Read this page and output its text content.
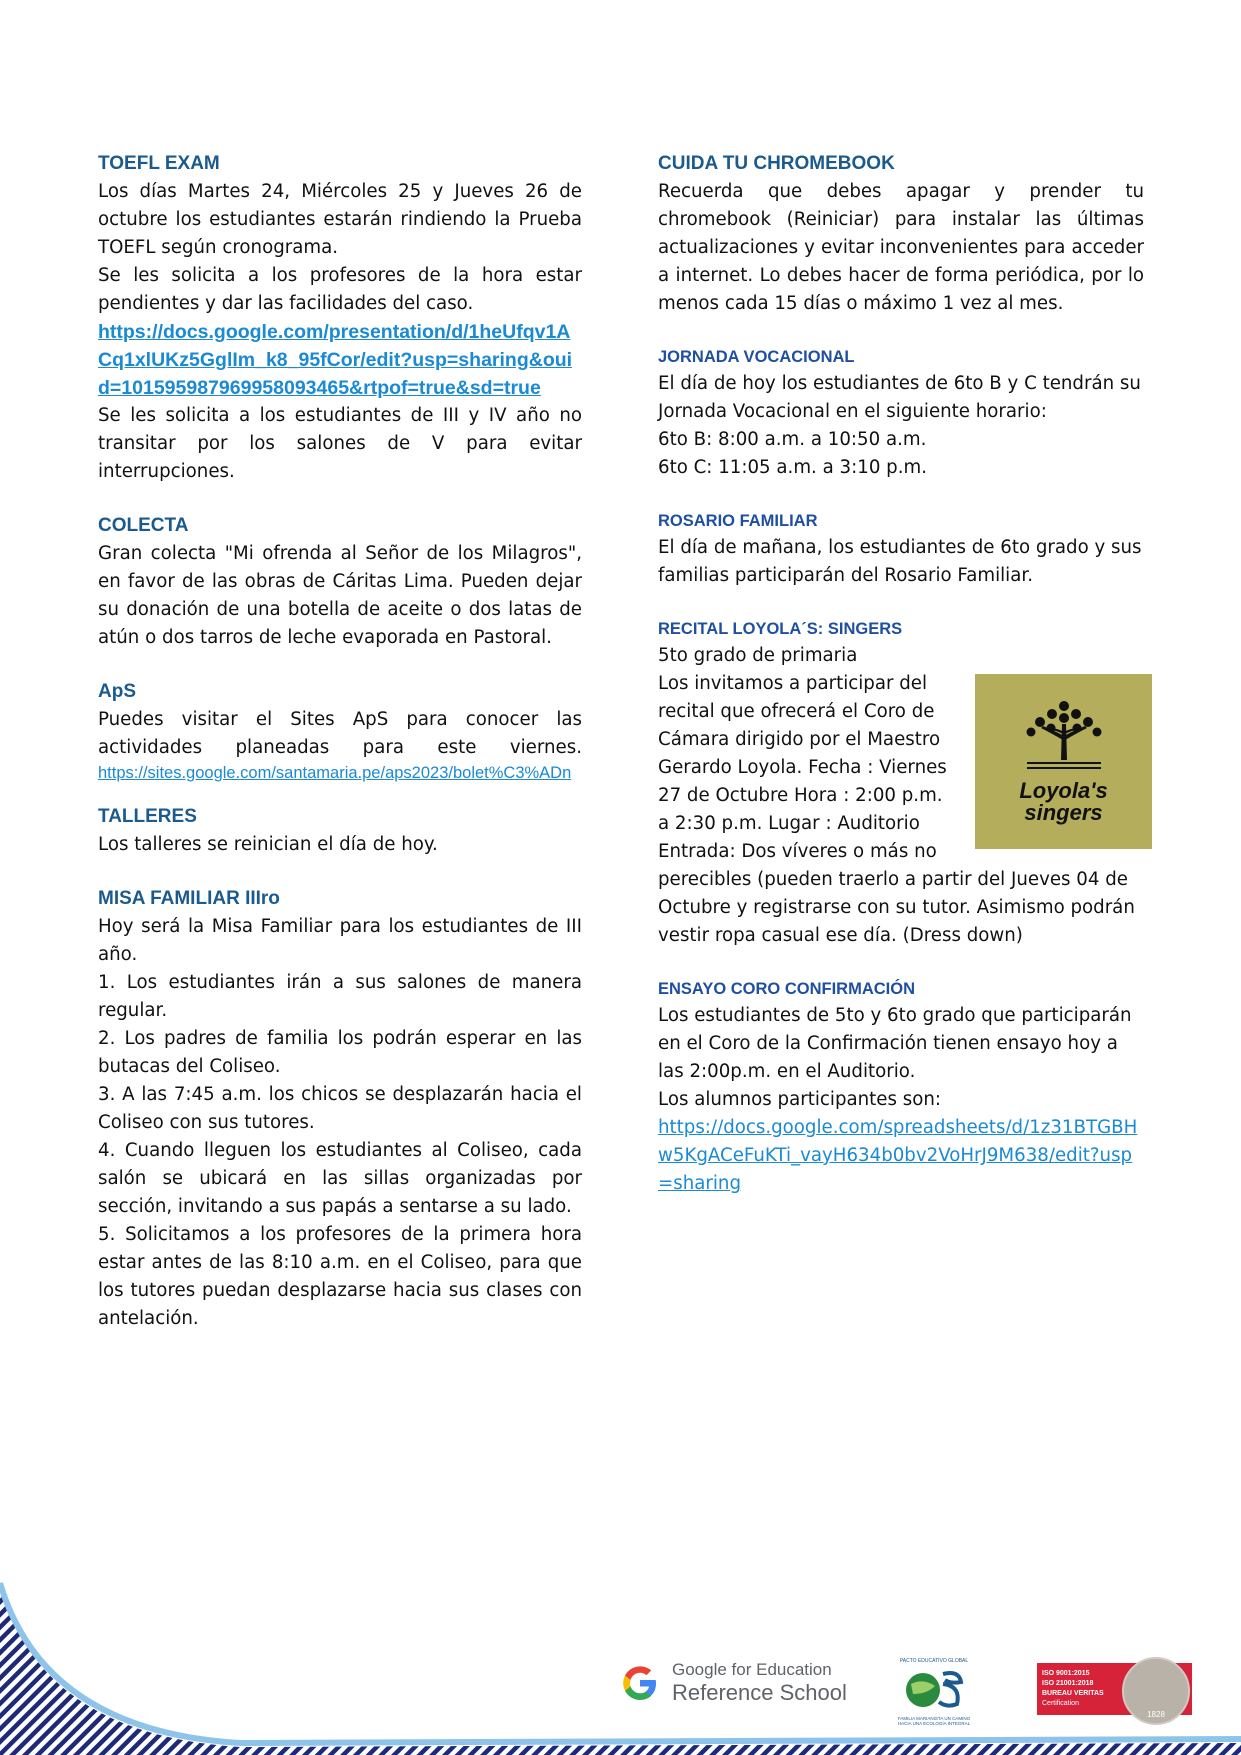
TOEFL EXAM

Los días Martes 24, Miércoles 25 y Jueves 26 de octubre los estudiantes estarán rindiendo la Prueba TOEFL según cronograma.

Se les solicita a los profesores de la hora estar pendientes y dar las facilidades del caso.

https://docs.google.com/presentation/d/1heUfqv1ACq1xlUKz5GglIm_k8_95fCor/edit?usp=sharing&ouid=101595987969958093465&rtpof=true&sd=true

Se les solicita a los estudiantes de III y IV año no transitar por los salones de V para evitar interrupciones.

COLECTA

Gran colecta "Mi ofrenda al Señor de los Milagros", en favor de las obras de Cáritas Lima. Pueden dejar su donación de una botella de aceite o dos latas de atún o dos tarros de leche evaporada en Pastoral.

ApS

Puedes visitar el Sites ApS para conocer las actividades planeadas para este viernes.

https://sites.google.com/santamaria.pe/aps2023/bolet%C3%ADn
TALLERES

Los talleres se reinician el día de hoy.

MISA FAMILIAR IIIro

Hoy será la Misa Familiar para los estudiantes de III año.

1. Los estudiantes irán a sus salones de manera regular.

2. Los padres de familia los podrán esperar en las butacas del Coliseo.

3. A las 7:45 a.m. los chicos se desplazarán hacia el Coliseo con sus tutores.

4. Cuando lleguen los estudiantes al Coliseo, cada salón se ubicará en las sillas organizadas por sección, invitando a sus papás a sentarse a su lado.

5. Solicitamos a los profesores de la primera hora estar antes de las 8:10 a.m. en el Coliseo, para que los tutores puedan desplazarse hacia sus clases con antelación.

CUIDA TU CHROMEBOOK

Recuerda que debes apagar y prender tu chromebook (Reiniciar) para instalar las últimas actualizaciones y evitar inconvenientes para acceder a internet. Lo debes hacer de forma periódica, por lo menos cada 15 días o máximo 1 vez al mes.

JORNADA VOCACIONAL

El día de hoy los estudiantes de 6to B y C tendrán su Jornada Vocacional en el siguiente horario:

6to B: 8:00 a.m. a 10:50 a.m.

6to C: 11:05 a.m. a 3:10 p.m.

ROSARIO FAMILIAR

El día de mañana, los estudiantes de 6to grado y sus familias participarán del Rosario Familiar.

RECITAL LOYOLA´S: SINGERS

5to grado de primaria

Loyola's
singers

Los invitamos a participar del recital que ofrecerá el Coro de Cámara dirigido por el Maestro Gerardo Loyola. Fecha : Viernes 27 de Octubre Hora : 2:00 p.m. a 2:30 p.m. Lugar : Auditorio Entrada: Dos víveres o más no perecibles (pueden traerlo a partir del Jueves 04 de Octubre y registrarse con su tutor. Asimismo podrán vestir ropa casual ese día. (Dress down)

ENSAYO CORO CONFIRMACIÓN

Los estudiantes de 5to y 6to grado que participarán en el Coro de la Confirmación tienen ensayo hoy a las 2:00p.m. en el Auditorio.

Los alumnos participantes son:

https://docs.google.com/spreadsheets/d/1z31BTGBHw5KgACeFuKTi_vayH634b0bv2VoHrJ9M638/edit?usp=sharing
Google for Education
Reference School
PACTO EDUCATIVO GLOBAL
FAMILIA MARIANISTA UN CAMINO HACIA UNA ECOLOGÍA INTEGRAL
ISO 9001:2015
ISO 21001:2018
BUREAU VERITAS
Certification
1828
